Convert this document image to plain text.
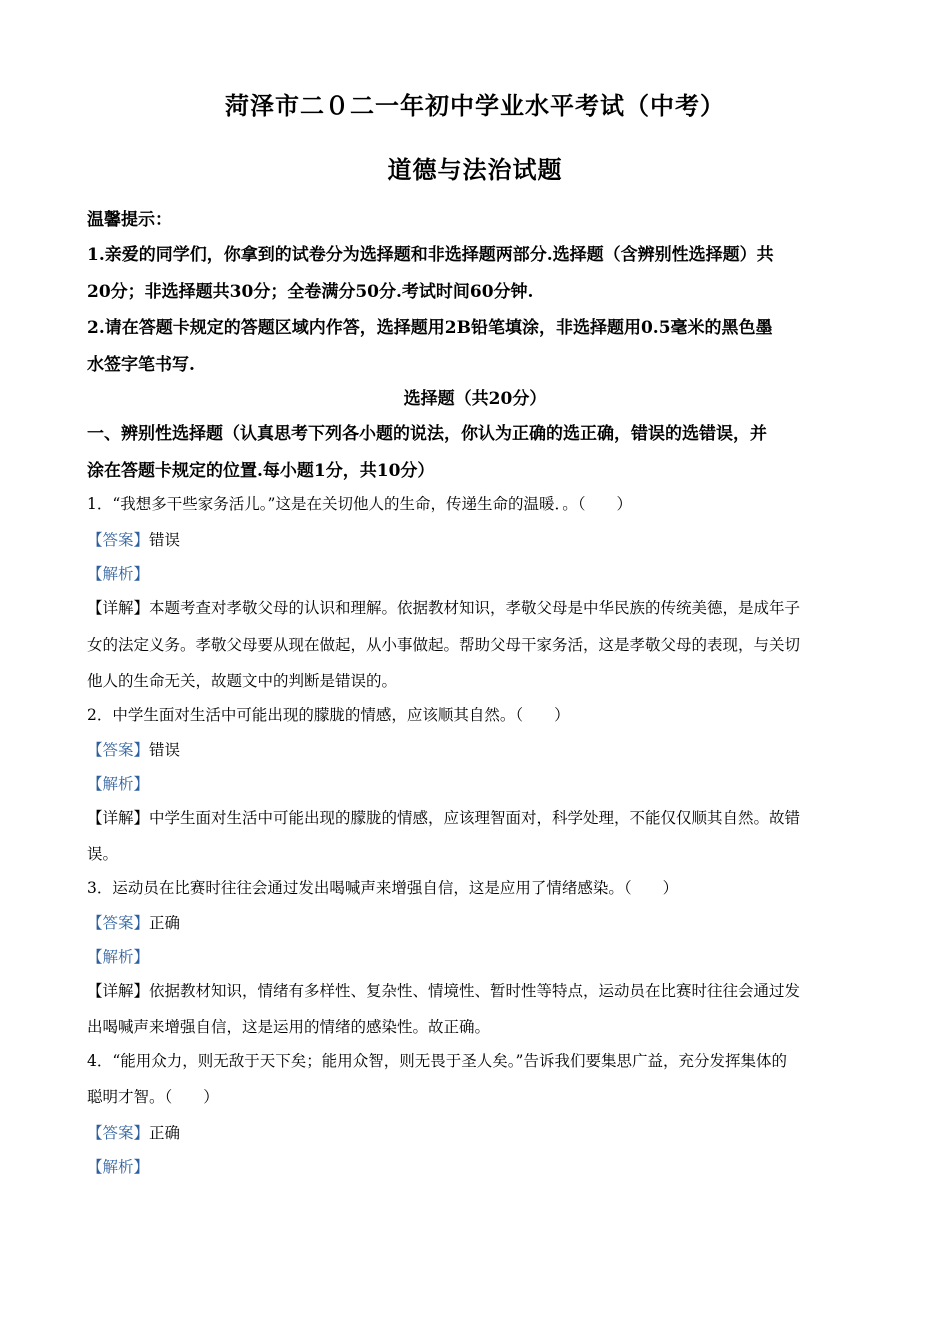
菏泽市二０二一年初中学业水平考试（中考）
道德与法治试题
温馨提示：
1.亲爱的同学们，你拿到的试卷分为选择题和非选择题两部分.选择题（含辨别性选择题）共
20分；非选择题共30分；全卷满分50分.考试时间60分钟.
2.请在答题卡规定的答题区域内作答，选择题用2B铅笔填涂，非选择题用0.5毫米的黑色墨
水签字笔书写.
选择题（共20分）
一、辨别性选择题（认真思考下列各小题的说法，你认为正确的选正确，错误的选错误，并
涂在答题卡规定的位置.每小题1分，共10分）
1．“我想多干些家务活儿。”这是在关切他人的生命，传递生命的温暖．。（　　）
【答案】错误
【解析】
【详解】本题考查对孝敬父母的认识和理解。依据教材知识，孝敬父母是中华民族的传统美德，是成年子
女的法定义务。孝敬父母要从现在做起，从小事做起。帮助父母干家务活，这是孝敬父母的表现，与关切
他人的生命无关，故题文中的判断是错误的。
2．中学生面对生活中可能出现的朦胧的情感，应该顺其自然。（　　）
【答案】错误
【解析】
【详解】中学生面对生活中可能出现的朦胧的情感，应该理智面对，科学处理，不能仅仅顺其自然。故错
误。
3．运动员在比赛时往往会通过发出喝喊声来增强自信，这是应用了情绪感染。（　　）
【答案】正确
【解析】
【详解】依据教材知识，情绪有多样性、复杂性、情境性、暂时性等特点，运动员在比赛时往往会通过发
出喝喊声来增强自信，这是运用的情绪的感染性。故正确。
4．“能用众力，则无敌于天下矣；能用众智，则无畏于圣人矣。”告诉我们要集思广益，充分发挥集体的
聪明才智。（　　）
【答案】正确
【解析】
